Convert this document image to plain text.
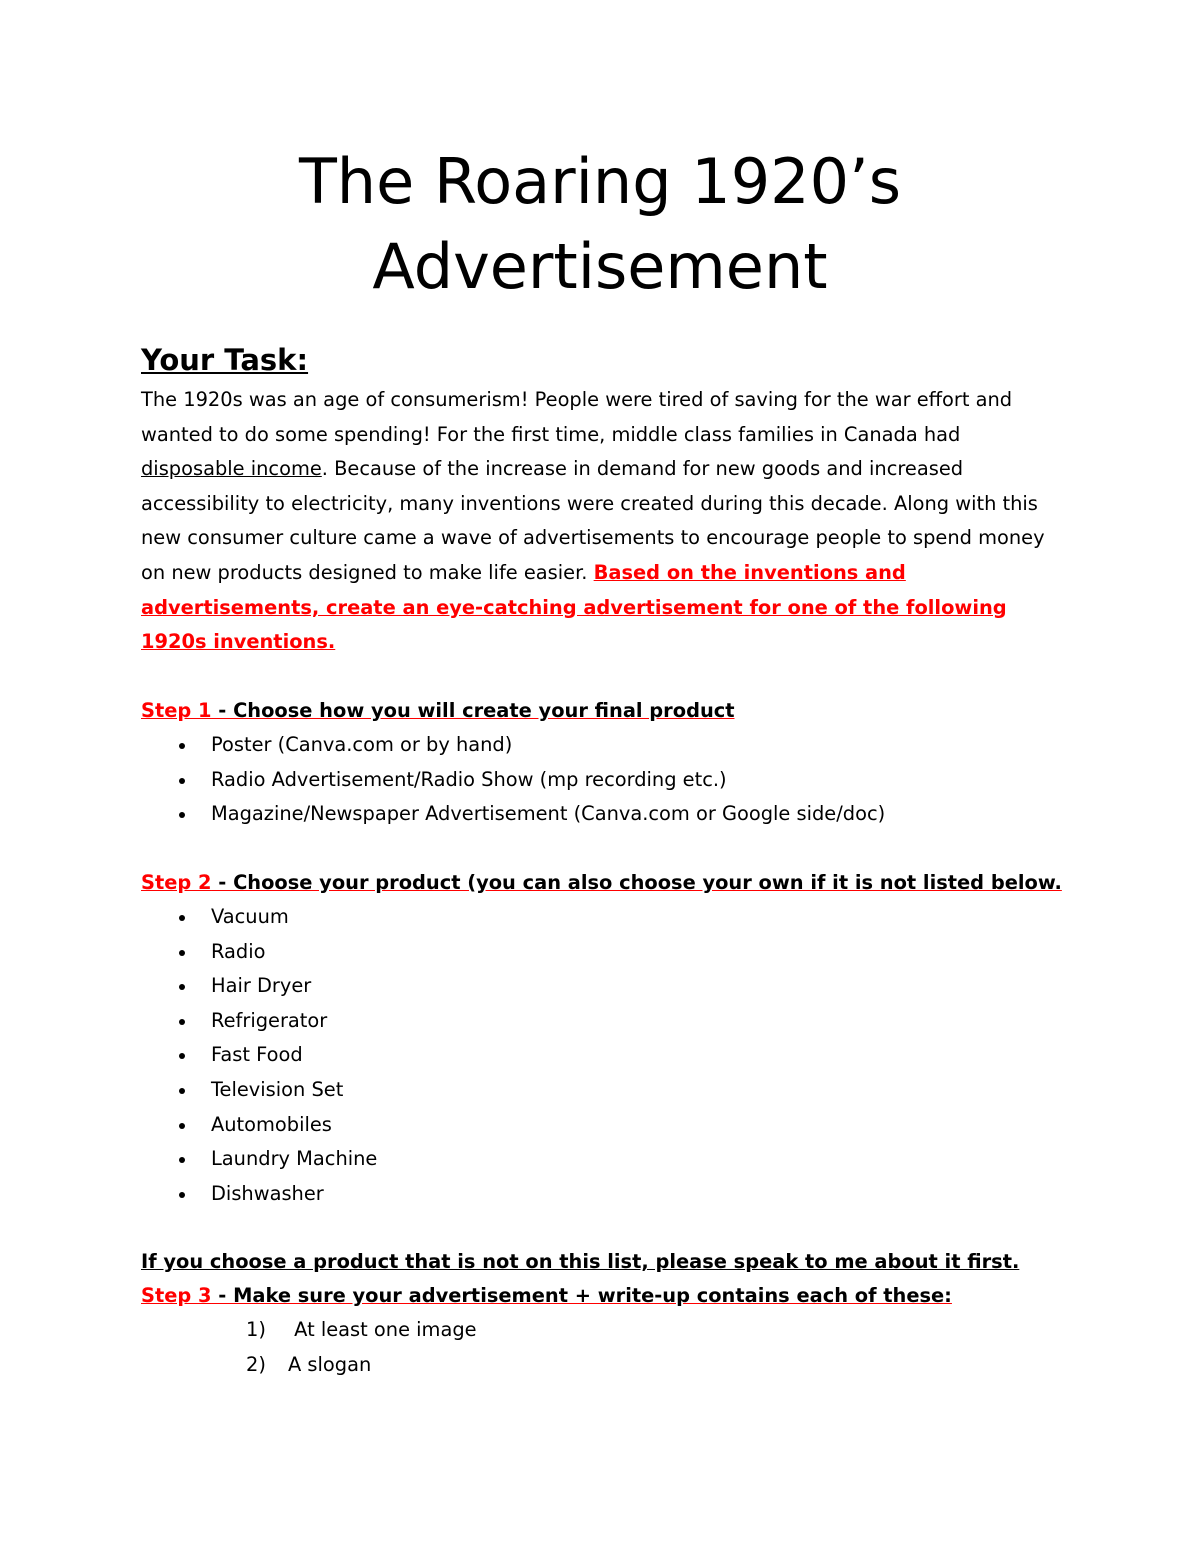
The Roaring 1920’s
Advertisement
Your Task:

The 1920s was an age of consumerism! People were tired of saving for the war effort and wanted to do some spending! For the first time, middle class families in Canada had disposable income. Because of the increase in demand for new goods and increased accessibility to electricity, many inventions were created during this decade. Along with this new consumer culture came a wave of advertisements to encourage people to spend money on new products designed to make life easier. Based on the inventions and advertisements, create an eye-catching advertisement for one of the following 1920s inventions.

Step 1 - Choose how you will create your final product

Poster (Canva.com or by hand)
Radio Advertisement/Radio Show (mp recording etc.)
Magazine/Newspaper Advertisement (Canva.com or Google side/doc)

Step 2 - Choose your product (you can also choose your own if it is not listed below.

Vacuum
Radio
Hair Dryer
Refrigerator
Fast Food
Television Set
Automobiles
Laundry Machine
Dishwasher

If you choose a product that is not on this list, please speak to me about it first.

Step 3 - Make sure your advertisement + write-up contains each of these:

1) At least one image
2) A slogan
